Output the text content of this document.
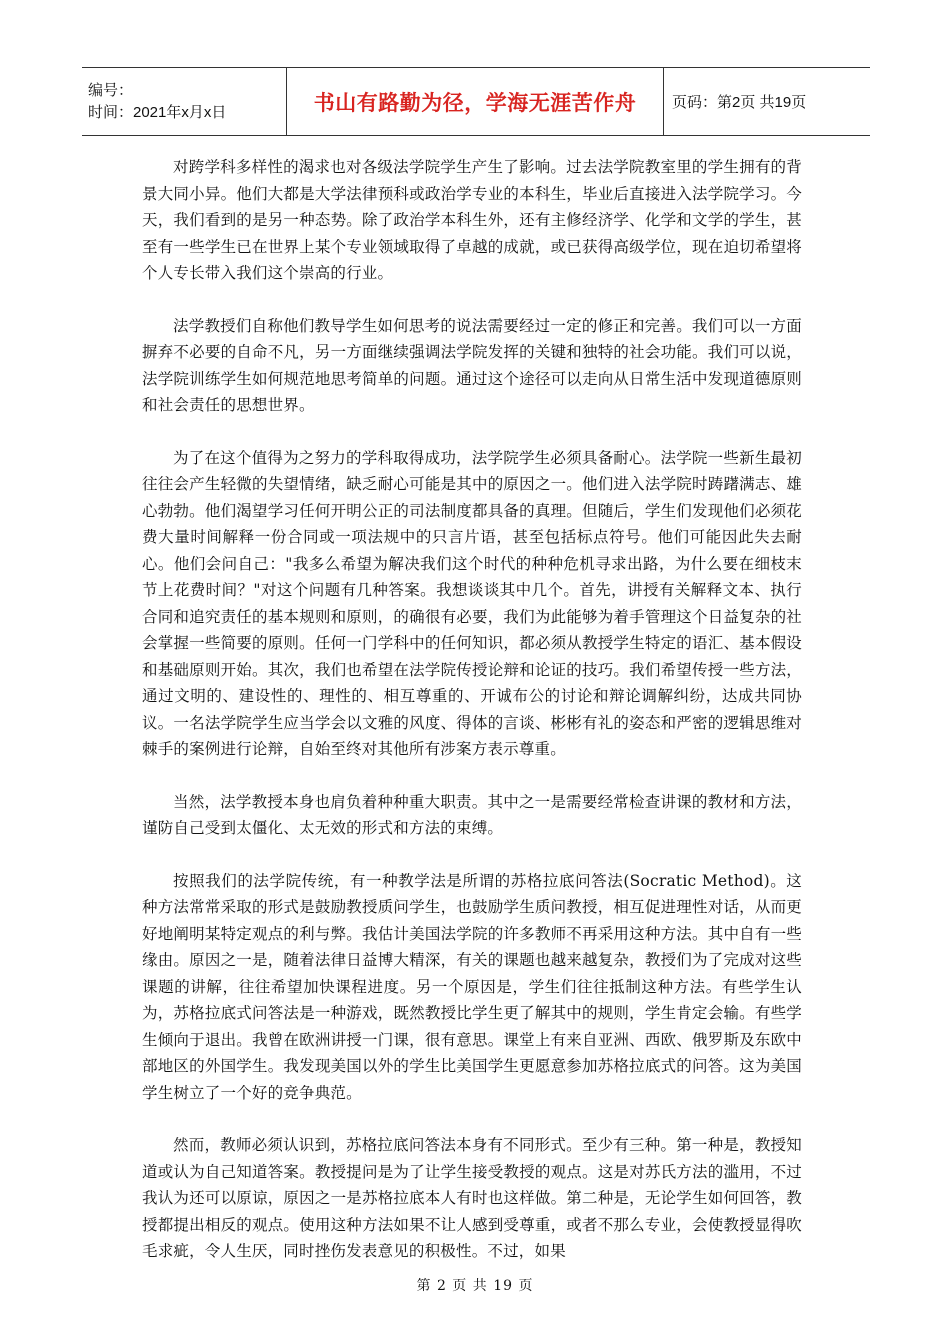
编号：
时间：2021年x月x日	书山有路勤为径，学海无涯苦作舟	页码：第2页 共19页

对跨学科多样性的渴求也对各级法学院学生产生了影响。过去法学院教室里的学生拥有的背景大同小异。他们大都是大学法律预科或政治学专业的本科生，毕业后直接进入法学院学习。今天，我们看到的是另一种态势。除了政治学本科生外，还有主修经济学、化学和文学的学生，甚至有一些学生已在世界上某个专业领域取得了卓越的成就，或已获得高级学位，现在迫切希望将个人专长带入我们这个崇高的行业。

法学教授们自称他们教导学生如何思考的说法需要经过一定的修正和完善。我们可以一方面摒弃不必要的自命不凡，另一方面继续强调法学院发挥的关键和独特的社会功能。我们可以说，法学院训练学生如何规范地思考简单的问题。通过这个途径可以走向从日常生活中发现道德原则和社会责任的思想世界。

为了在这个值得为之努力的学科取得成功，法学院学生必须具备耐心。法学院一些新生最初往往会产生轻微的失望情绪，缺乏耐心可能是其中的原因之一。他们进入法学院时踌躇满志、雄心勃勃。他们渴望学习任何开明公正的司法制度都具备的真理。但随后，学生们发现他们必须花费大量时间解释一份合同或一项法规中的只言片语，甚至包括标点符号。他们可能因此失去耐心。他们会问自己："我多么希望为解决我们这个时代的种种危机寻求出路，为什么要在细枝末节上花费时间？"对这个问题有几种答案。我想谈谈其中几个。首先，讲授有关解释文本、执行合同和追究责任的基本规则和原则，的确很有必要，我们为此能够为着手管理这个日益复杂的社会掌握一些简要的原则。任何一门学科中的任何知识，都必须从教授学生特定的语汇、基本假设和基础原则开始。其次，我们也希望在法学院传授论辩和论证的技巧。我们希望传授一些方法，通过文明的、建设性的、理性的、相互尊重的、开诚布公的讨论和辩论调解纠纷，达成共同协议。一名法学院学生应当学会以文雅的风度、得体的言谈、彬彬有礼的姿态和严密的逻辑思维对棘手的案例进行论辩，自始至终对其他所有涉案方表示尊重。

当然，法学教授本身也肩负着种种重大职责。其中之一是需要经常检查讲课的教材和方法，谨防自己受到太僵化、太无效的形式和方法的束缚。

按照我们的法学院传统，有一种教学法是所谓的苏格拉底问答法(Socratic Method)。这种方法常常采取的形式是鼓励教授质问学生，也鼓励学生质问教授，相互促进理性对话，从而更好地阐明某特定观点的利与弊。我估计美国法学院的许多教师不再采用这种方法。其中自有一些缘由。原因之一是，随着法律日益博大精深，有关的课题也越来越复杂，教授们为了完成对这些课题的讲解，往往希望加快课程进度。另一个原因是，学生们往往抵制这种方法。有些学生认为，苏格拉底式问答法是一种游戏，既然教授比学生更了解其中的规则，学生肯定会输。有些学生倾向于退出。我曾在欧洲讲授一门课，很有意思。课堂上有来自亚洲、西欧、俄罗斯及东欧中部地区的外国学生。我发现美国以外的学生比美国学生更愿意参加苏格拉底式的问答。这为美国学生树立了一个好的竞争典范。

然而，教师必须认识到，苏格拉底问答法本身有不同形式。至少有三种。第一种是，教授知道或认为自己知道答案。教授提问是为了让学生接受教授的观点。这是对苏氏方法的滥用，不过我认为还可以原谅，原因之一是苏格拉底本人有时也这样做。第二种是，无论学生如何回答，教授都提出相反的观点。使用这种方法如果不让人感到受尊重，或者不那么专业，会使教授显得吹毛求疵，令人生厌，同时挫伤发表意见的积极性。不过，如果

第 2 页 共 19 页
